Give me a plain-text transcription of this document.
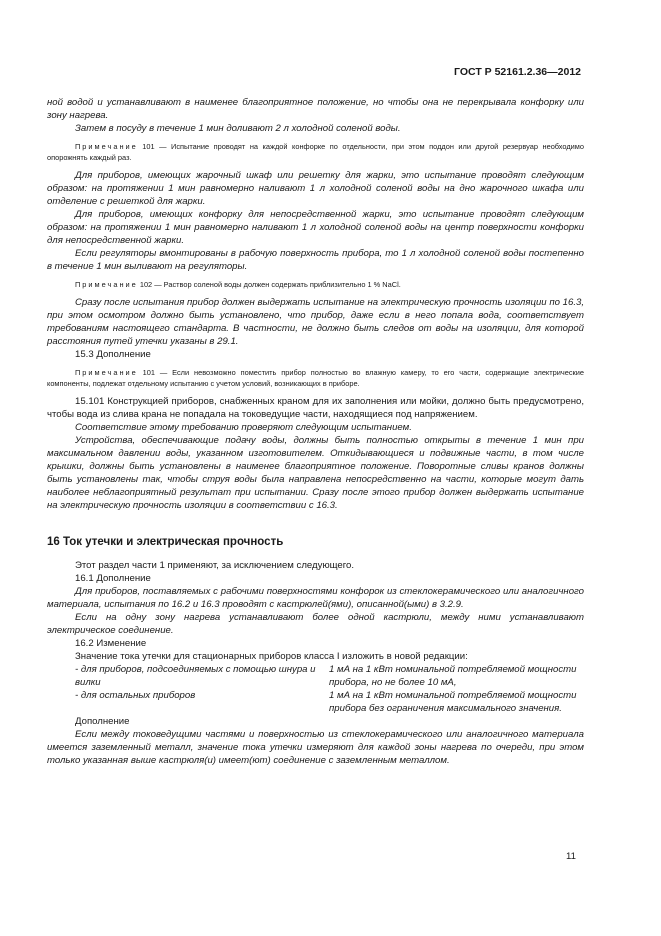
ГОСТ Р 52161.2.36—2012

ной водой и устанавливают в наименее благоприятное положение, но чтобы она не перекрывала конфорку или зону нагрева.

Затем в посуду в течение 1 мин доливают 2 л холодной соленой воды.

Примечание 101 — Испытание проводят на каждой конфорке по отдельности, при этом поддон или другой резервуар необходимо опорожнять каждый раз.

Для приборов, имеющих жарочный шкаф или решетку для жарки, это испытание проводят следующим образом: на протяжении 1 мин равномерно наливают 1 л холодной соленой воды на дно жарочного шкафа или отделение с решеткой для жарки.

Для приборов, имеющих конфорку для непосредственной жарки, это испытание проводят следующим образом: на протяжении 1 мин равномерно наливают 1 л холодной соленой воды на центр поверхности конфорки для непосредственной жарки.

Если регуляторы вмонтированы в рабочую поверхность прибора, то 1 л холодной соленой воды постепенно в течение 1 мин выливают на регуляторы.

Примечание 102 — Раствор соленой воды должен содержать приблизительно 1 % NaCl.

Сразу после испытания прибор должен выдержать испытание на электрическую прочность изоляции по 16.3, при этом осмотром должно быть установлено, что прибор, даже если в него попала вода, соответствует требованиям настоящего стандарта. В частности, не должно быть следов от воды на изоляции, для которой расстояния путей утечки указаны в 29.1.

15.3 Дополнение

Примечание 101 — Если невозможно поместить прибор полностью во влажную камеру, то его части, содержащие электрические компоненты, подлежат отдельному испытанию с учетом условий, возникающих в приборе.

15.101 Конструкцией приборов, снабженных краном для их заполнения или мойки, должно быть предусмотрено, чтобы вода из слива крана не попадала на токоведущие части, находящиеся под напряжением.

Соответствие этому требованию проверяют следующим испытанием.

Устройства, обеспечивающие подачу воды, должны быть полностью открыты в течение 1 мин при максимальном давлении воды, указанном изготовителем. Откидывающиеся и подвижные части, в том числе крышки, должны быть установлены в наименее благоприятное положение. Поворотные сливы кранов должны быть установлены так, чтобы струя воды была направлена непосредственно на части, которые могут дать наиболее неблагоприятный результат при испытании. Сразу после этого прибор должен выдержать испытание на электрическую прочность изоляции в соответствии с 16.3.

16 Ток утечки и электрическая прочность

Этот раздел части 1 применяют, за исключением следующего.

16.1 Дополнение

Для приборов, поставляемых с рабочими поверхностями конфорок из стеклокерамического или аналогичного материала, испытания по 16.2 и 16.3 проводят с кастрюлей(ями), описанной(ыми) в 3.2.9.

Если на одну зону нагрева устанавливают более одной кастрюли, между ними устанавливают электрическое соединение.

16.2 Изменение

Значение тока утечки для стационарных приборов класса I изложить в новой редакции:

- для приборов, подсоединяемых с помощью шнура и вилки
1 мА на 1 кВт номинальной потребляемой мощности прибора, но не более 10 мА,
- для остальных приборов	1 мА на 1 кВт номинальной потребляемой мощности прибора без ограничения максимального значения.

Дополнение

Если между токоведущими частями и поверхностью из стеклокерамического или аналогичного материала имеется заземленный металл, значение тока утечки измеряют для каждой зоны нагрева по очереди, при этом только указанная выше кастрюля(и) имеет(ют) соединение с заземленным металлом.

11
